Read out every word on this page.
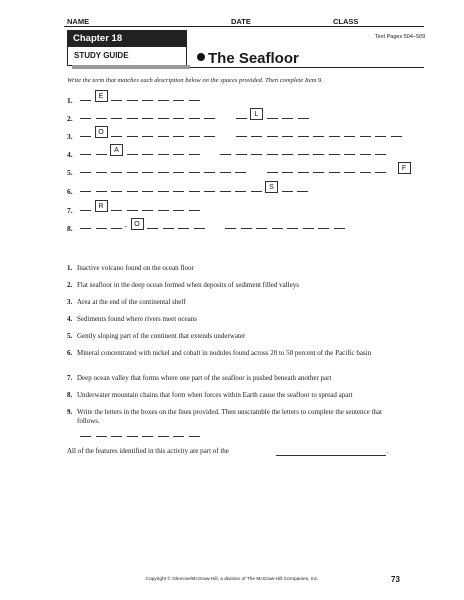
NAME	DATE	CLASS
Chapter 18
STUDY GUIDE	The Seafloor
Text Pages 504–509
Write the term that matches each description below on the spaces provided. Then complete Item 9.
1.	E
2.	L
3.	O
4.	A
5.	F
6.	S
7.	R
8.	-	O
1. Inactive volcano found on the ocean floor
2. Flat seafloor in the deep ocean formed when deposits of sediment filled valleys
3. Area at the end of the continental shelf
4. Sediments found where rivers meet oceans
5. Gently sloping part of the continent that extends underwater
6. Mineral concentrated with nickel and cobalt in nodules found across 20 to 50 percent of the Pacific basin
7. Deep ocean valley that forms where one part of the seafloor is pushed beneath another part
8. Underwater mountain chains that form when forces within Earth cause the seafloor to spread apart
9. Write the letters in the boxes on the lines provided. Then unscramble the letters to complete the sentence that follows.
All of the features identified in this activity are part of the	.
Copyright © Glencoe/McGraw-Hill, a division of The McGraw-Hill Companies, Inc.	73
